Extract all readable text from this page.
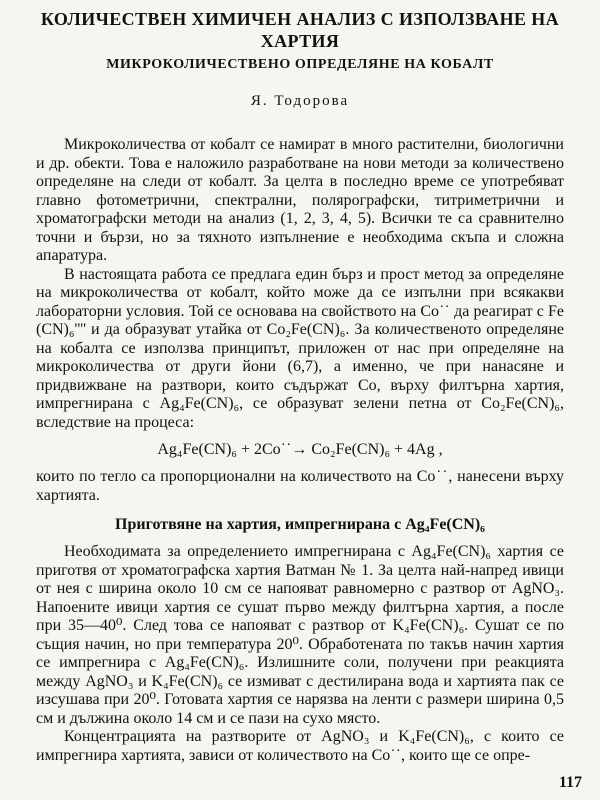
КОЛИЧЕСТВЕН ХИМИЧЕН АНАЛИЗ С ИЗПОЛЗВАНЕ НА ХАРТИЯ
МИКРОКОЛИЧЕСТВЕНО ОПРЕДЕЛЯНЕ НА КОБАЛТ
Я. Тодорова

Микроколичества от кобалт се намират в много растителни, биологични и др. обекти. Това е наложило разработване на нови методи за количествено определяне на следи от кобалт. За целта в последно време се употребяват главно фотометрични, спектрални, полярографски, титриметрични и хроматографски методи на анализ (1, 2, 3, 4, 5). Всички те са сравнително точни и бързи, но за тяхното изпълнение е необходима скъпа и сложна апаратура.

В настоящата работа се предлага един бърз и прост метод за определяне на микроколичества от кобалт, който може да се изпълни при всякакви лабораторни условия. Той се основава на свойството на Co˙˙ да реагират с Fe (CN)₆'''' и да образуват утайка от Co₂Fe(CN)₆. За количественото определяне на кобалта се използва принципът, приложен от нас при определяне на микроколичества от други йони (6,7), а именно, че при нанасяне и придвижване на разтвори, които съдържат Co, върху филтърна хартия, импрегнирана с Ag₄Fe(CN)₆, се образуват зелени петна от Co₂Fe(CN)₆, вследствие на процеса:

Ag₄Fe(CN)₆ + 2Co˙˙→ Co₂Fe(CN)₆ + 4Ag ,

които по тегло са пропорционални на количеството на Co˙˙, нанесени върху хартията.

Приготвяне на хартия, импрегнирана с Ag₄Fe(CN)₆

Необходимата за определението импрегнирана с Ag₄Fe(CN)₆ хартия се приготвя от хроматографска хартия Ватман № 1. За целта най-напред ивици от нея с ширина около 10 см се напояват равномерно с разтвор от AgNO₃. Напоените ивици хартия се сушат първо между филтърна хартия, а после при 35—40⁰. След това се напояват с разтвор от K₄Fe(CN)₆. Сушат се по същия начин, но при температура 20⁰. Обработената по такъв начин хартия се импрегнира с Ag₄Fe(CN)₆. Излишните соли, получени при реакцията между AgNO₃ и K₄Fe(CN)₆ се измиват с дестилирана вода и хартията пак се изсушава при 20⁰. Готовата хартия се нарязва на ленти с размери ширина 0,5 см и дължина около 14 см и се пази на сухо място.

Концентрацията на разтворите от AgNO₃ и K₄Fe(CN)₆, с които се импрегнира хартията, зависи от количеството на Co˙˙, които ще се опре-

117
